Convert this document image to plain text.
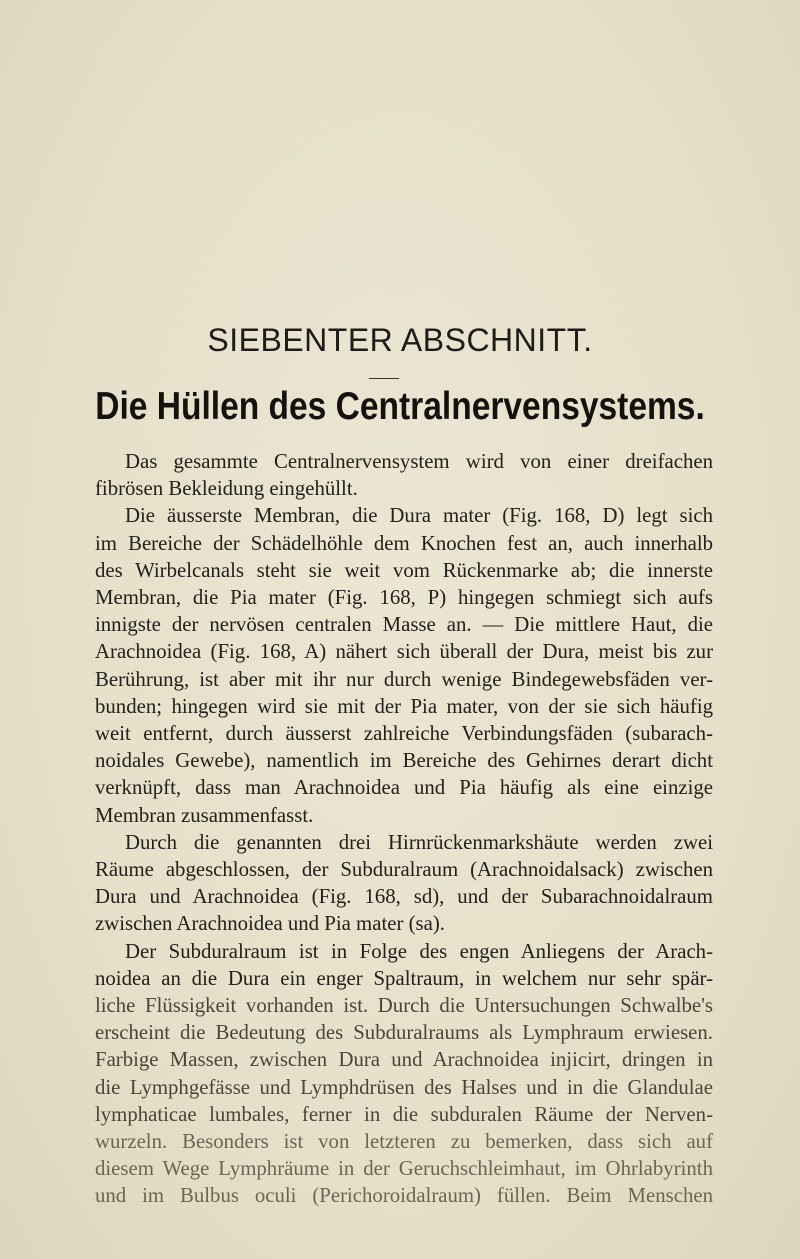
SIEBENTER ABSCHNITT.
Die Hüllen des Centralnervensystems.
Das gesammte Centralnervensystem wird von einer dreifachen
fibrösen Bekleidung eingehüllt.
Die äusserste Membran, die Dura mater (Fig. 168, D) legt sich
im Bereiche der Schädelhöhle dem Knochen fest an, auch innerhalb
des Wirbelcanals steht sie weit vom Rückenmarke ab; die innerste
Membran, die Pia mater (Fig. 168, P) hingegen schmiegt sich aufs
innigste der nervösen centralen Masse an. — Die mittlere Haut, die
Arachnoidea (Fig. 168, A) nähert sich überall der Dura, meist bis zur
Berührung, ist aber mit ihr nur durch wenige Bindegewebsfäden ver-
bunden; hingegen wird sie mit der Pia mater, von der sie sich häufig
weit entfernt, durch äusserst zahlreiche Verbindungsfäden (subarach-
noidales Gewebe), namentlich im Bereiche des Gehirnes derart dicht
verknüpft, dass man Arachnoidea und Pia häufig als eine einzige
Membran zusammenfasst.
Durch die genannten drei Hirnrückenmarkshäute werden zwei
Räume abgeschlossen, der Subduralraum (Arachnoidalsack) zwischen
Dura und Arachnoidea (Fig. 168, sd), und der Subarachnoidalraum
zwischen Arachnoidea und Pia mater (sa).
Der Subduralraum ist in Folge des engen Anliegens der Arach-
noidea an die Dura ein enger Spaltraum, in welchem nur sehr spär-
liche Flüssigkeit vorhanden ist. Durch die Untersuchungen Schwalbe's
erscheint die Bedeutung des Subduralraums als Lymphraum erwiesen.
Farbige Massen, zwischen Dura und Arachnoidea injicirt, dringen in
die Lymphgefässe und Lymphdrüsen des Halses und in die Glandulae
lymphaticae lumbales, ferner in die subduralen Räume der Nerven-
wurzeln. Besonders ist von letzteren zu bemerken, dass sich auf
diesem Wege Lymphräume in der Geruchschleimhaut, im Ohrlabyrinth
und im Bulbus oculi (Perichoroidalraum) füllen. Beim Menschen
